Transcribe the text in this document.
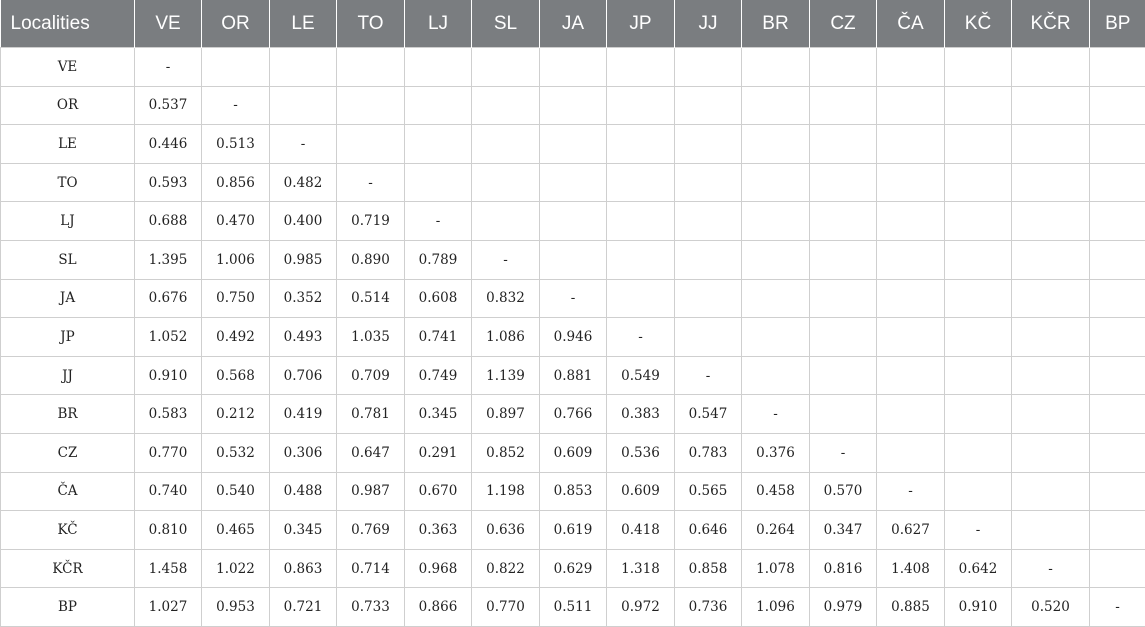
Localities	VE	OR	LE	TO	LJ	SL	JA	JP	JJ	BR	CZ	ČA	KČ	KČR	BP
VE	-														
OR	0.537	-													
LE	0.446	0.513	-												
TO	0.593	0.856	0.482	-											
LJ	0.688	0.470	0.400	0.719	-										
SL	1.395	1.006	0.985	0.890	0.789	-									
JA	0.676	0.750	0.352	0.514	0.608	0.832	-								
JP	1.052	0.492	0.493	1.035	0.741	1.086	0.946	-							
JJ	0.910	0.568	0.706	0.709	0.749	1.139	0.881	0.549	-						
BR	0.583	0.212	0.419	0.781	0.345	0.897	0.766	0.383	0.547	-					
CZ	0.770	0.532	0.306	0.647	0.291	0.852	0.609	0.536	0.783	0.376	-				
ČA	0.740	0.540	0.488	0.987	0.670	1.198	0.853	0.609	0.565	0.458	0.570	-			
KČ	0.810	0.465	0.345	0.769	0.363	0.636	0.619	0.418	0.646	0.264	0.347	0.627	-		
KČR	1.458	1.022	0.863	0.714	0.968	0.822	0.629	1.318	0.858	1.078	0.816	1.408	0.642	-	
BP	1.027	0.953	0.721	0.733	0.866	0.770	0.511	0.972	0.736	1.096	0.979	0.885	0.910	0.520	-
